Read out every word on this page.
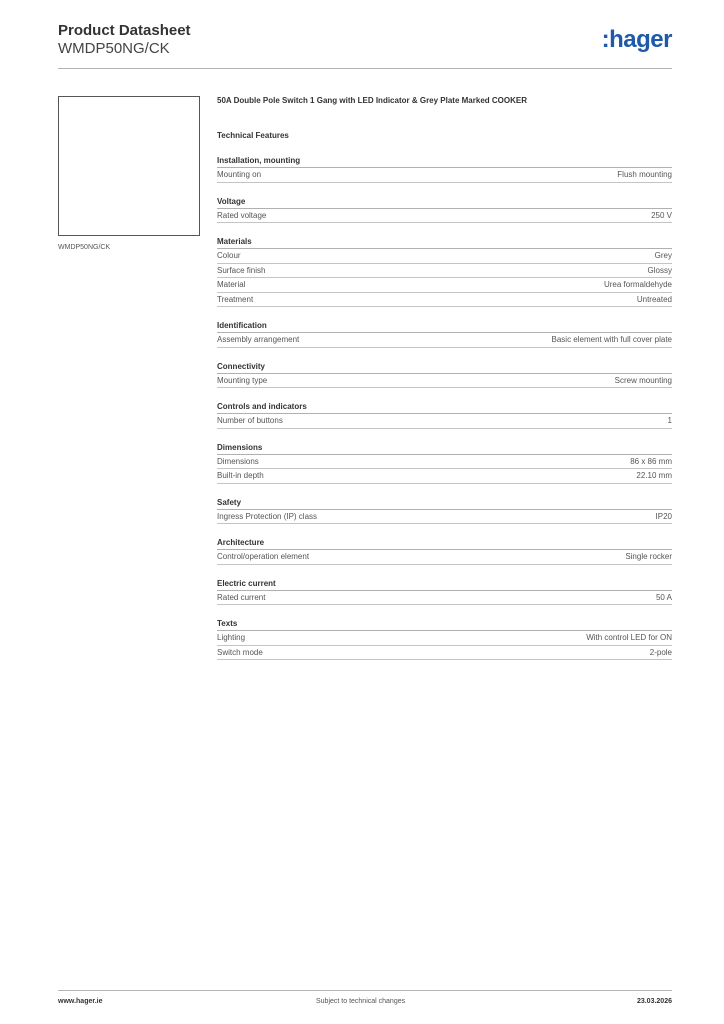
Product Datasheet
WMDP50NG/CK	:hager
WMDP50NG/CK
50A Double Pole Switch 1 Gang with LED Indicator & Grey Plate Marked COOKER
Technical Features
Installation, mounting
Mounting on	Flush mounting
Voltage
Rated voltage	250 V
Materials
Colour	Grey
Surface finish	Glossy
Material	Urea formaldehyde
Treatment	Untreated
Identification
Assembly arrangement	Basic element with full cover plate
Connectivity
Mounting type	Screw mounting
Controls and indicators
Number of buttons	1
Dimensions
Dimensions	86 x 86 mm
Built-in depth	22.10 mm
Safety
Ingress Protection (IP) class	IP20
Architecture
Control/operation element	Single rocker
Electric current
Rated current	50 A
Texts
Lighting	With control LED for ON
Switch mode	2-pole
www.hager.ie	Subject to technical changes	23.03.2026
